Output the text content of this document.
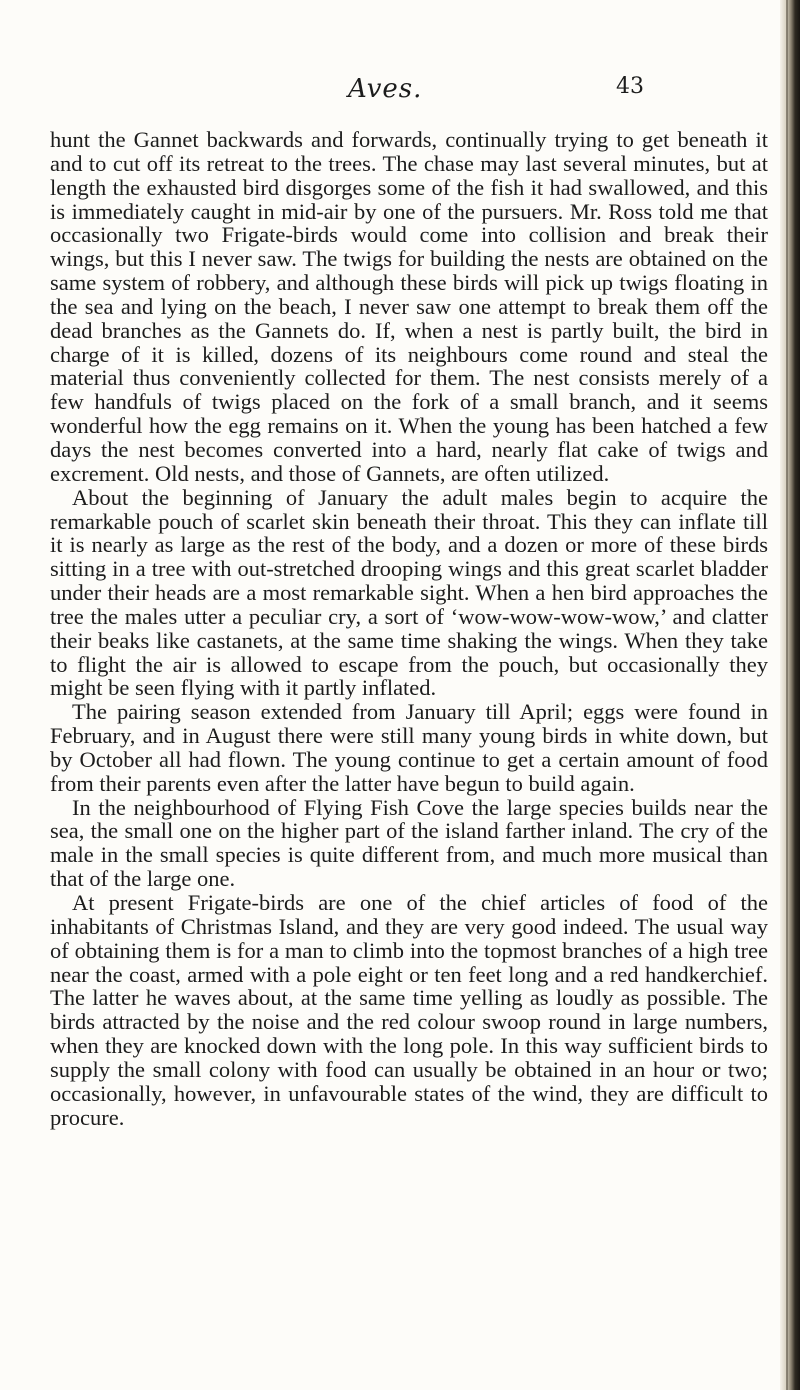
Aves.	43

hunt the Gannet backwards and forwards, continually trying to get beneath it and to cut off its retreat to the trees. The chase may last several minutes, but at length the exhausted bird disgorges some of the fish it had swallowed, and this is immediately caught in mid-air by one of the pursuers. Mr. Ross told me that occasionally two Frigate-birds would come into collision and break their wings, but this I never saw. The twigs for building the nests are obtained on the same system of robbery, and although these birds will pick up twigs floating in the sea and lying on the beach, I never saw one attempt to break them off the dead branches as the Gannets do. If, when a nest is partly built, the bird in charge of it is killed, dozens of its neighbours come round and steal the material thus conveniently collected for them. The nest consists merely of a few handfuls of twigs placed on the fork of a small branch, and it seems wonderful how the egg remains on it. When the young has been hatched a few days the nest becomes converted into a hard, nearly flat cake of twigs and excrement. Old nests, and those of Gannets, are often utilized.

About the beginning of January the adult males begin to acquire the remarkable pouch of scarlet skin beneath their throat. This they can inflate till it is nearly as large as the rest of the body, and a dozen or more of these birds sitting in a tree with out-stretched drooping wings and this great scarlet bladder under their heads are a most remarkable sight. When a hen bird approaches the tree the males utter a peculiar cry, a sort of ‘wow-wow-wow-wow,’ and clatter their beaks like castanets, at the same time shaking the wings. When they take to flight the air is allowed to escape from the pouch, but occasionally they might be seen flying with it partly inflated.

The pairing season extended from January till April; eggs were found in February, and in August there were still many young birds in white down, but by October all had flown. The young continue to get a certain amount of food from their parents even after the latter have begun to build again.

In the neighbourhood of Flying Fish Cove the large species builds near the sea, the small one on the higher part of the island farther inland. The cry of the male in the small species is quite different from, and much more musical than that of the large one.

At present Frigate-birds are one of the chief articles of food of the inhabitants of Christmas Island, and they are very good indeed. The usual way of obtaining them is for a man to climb into the topmost branches of a high tree near the coast, armed with a pole eight or ten feet long and a red handkerchief. The latter he waves about, at the same time yelling as loudly as possible. The birds attracted by the noise and the red colour swoop round in large numbers, when they are knocked down with the long pole. In this way sufficient birds to supply the small colony with food can usually be obtained in an hour or two; occasionally, however, in unfavourable states of the wind, they are difficult to procure.
